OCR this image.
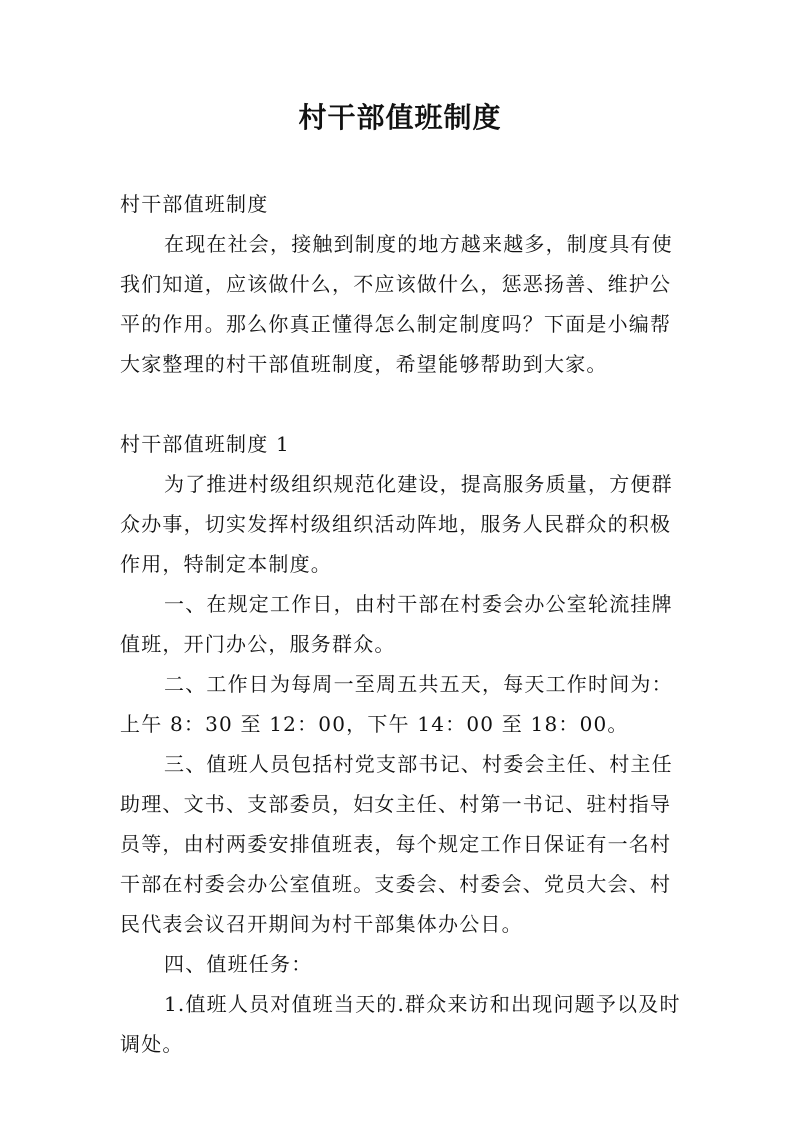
村干部值班制度

村干部值班制度

在现在社会，接触到制度的地方越来越多，制度具有使我们知道，应该做什么，不应该做什么，惩恶扬善、维护公平的作用。那么你真正懂得怎么制定制度吗？下面是小编帮大家整理的村干部值班制度，希望能够帮助到大家。

村干部值班制度 1

为了推进村级组织规范化建设，提高服务质量，方便群众办事，切实发挥村级组织活动阵地，服务人民群众的积极作用，特制定本制度。

一、在规定工作日，由村干部在村委会办公室轮流挂牌值班，开门办公，服务群众。

二、工作日为每周一至周五共五天，每天工作时间为：上午 8：30 至 12：00，下午 14：00 至 18：00。

三、值班人员包括村党支部书记、村委会主任、村主任助理、文书、支部委员，妇女主任、村第一书记、驻村指导员等，由村两委安排值班表，每个规定工作日保证有一名村干部在村委会办公室值班。支委会、村委会、党员大会、村民代表会议召开期间为村干部集体办公日。

四、值班任务：

1.值班人员对值班当天的.群众来访和出现问题予以及时调处。
